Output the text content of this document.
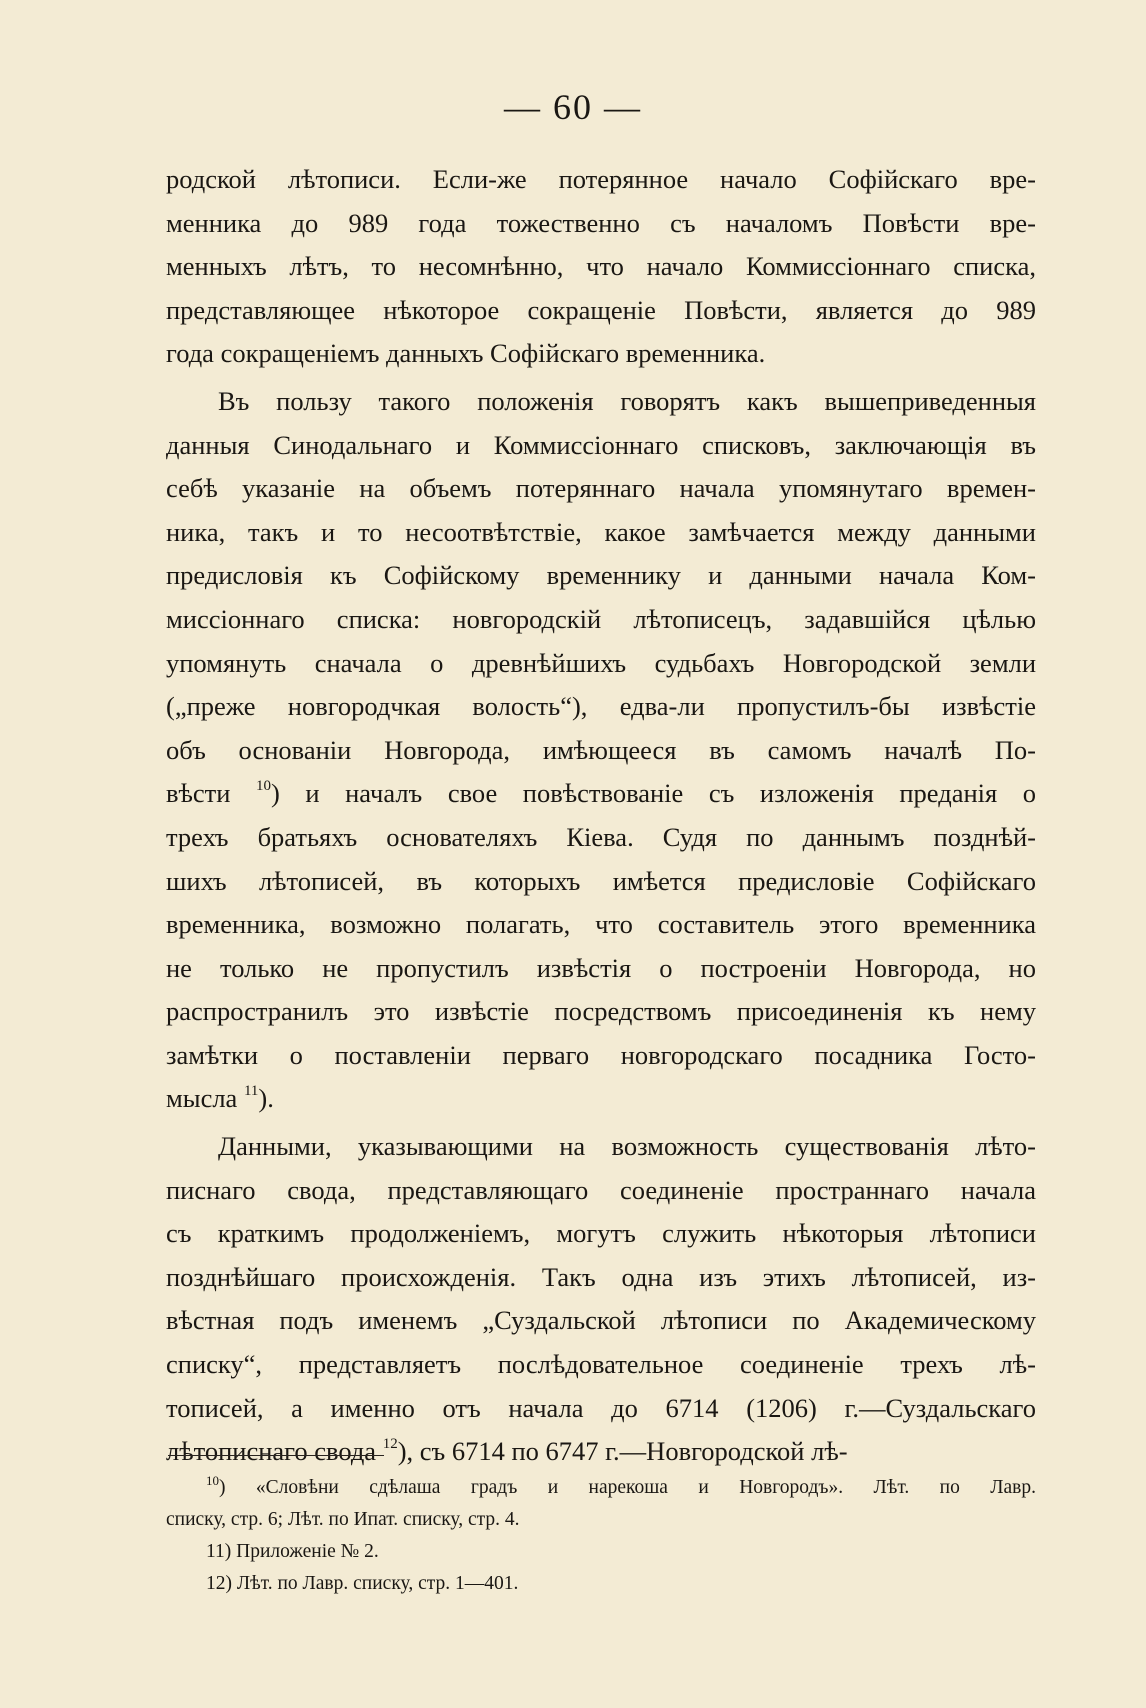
— 60 —
родской лѣтописи. Если-же потерянное начало Софійскаго вре-
менника до 989 года тожественно съ началомъ Повѣсти вре-
менныхъ лѣтъ, то несомнѣнно, что начало Коммиссіоннаго списка,
представляющее нѣкоторое сокращеніе Повѣсти, является до 989
года сокращеніемъ данныхъ Софійскаго временника.
Въ пользу такого положенія говорятъ какъ вышеприведенныя
данныя Синодальнаго и Коммиссіоннаго списковъ, заключающія въ
себѣ указаніе на объемъ потеряннаго начала упомянутаго времен-
ника, такъ и то несоотвѣтствіе, какое замѣчается между данными
предисловія къ Софійскому временнику и данными начала Ком-
миссіоннаго списка: новгородскій лѣтописецъ, задавшійся цѣлью
упомянуть сначала о древнѣйшихъ судьбахъ Новгородской земли
(„преже новгородчкая волость“), едва-ли пропустилъ-бы извѣстіе
объ основаніи Новгорода, имѣющееся въ самомъ началѣ По-
вѣсти $^{10}$) и началъ свое повѣствованіе съ изложенія преданія о
трехъ братьяхъ основателяхъ Кіева. Судя по даннымъ позднѣй-
шихъ лѣтописей, въ которыхъ имѣется предисловіе Софійскаго
временника, возможно полагать, что составитель этого временника
не только не пропустилъ извѣстія о построеніи Новгорода, но
распространилъ это извѣстіе посредствомъ присоединенія къ нему
замѣтки о поставленіи перваго новгородскаго посадника Госто-
мысла $^{11}$).
Данными, указывающими на возможность существованія лѣто-
писнаго свода, представляющаго соединеніе пространнаго начала
съ краткимъ продолженіемъ, могутъ служить нѣкоторыя лѣтописи
позднѣйшаго происхожденія. Такъ одна изъ этихъ лѣтописей, из-
вѣстная подъ именемъ „Суздальской лѣтописи по Академическому
списку“, представляетъ послѣдовательное соединеніе трехъ лѣ-
тописей, а именно отъ начала до 6714 (1206) г.—Суздальскаго
лѣтописнаго свода $^{12}$), съ 6714 по 6747 г.—Новгородской лѣ-
$^{10}$) «Словѣни сдѣлаша градъ и нарекоша и Новгородъ». Лѣт. по Лавр.
списку, стр. 6; Лѣт. по Ипат. списку, стр. 4.
11) Приложеніе № 2.
12) Лѣт. по Лавр. списку, стр. 1—401.
